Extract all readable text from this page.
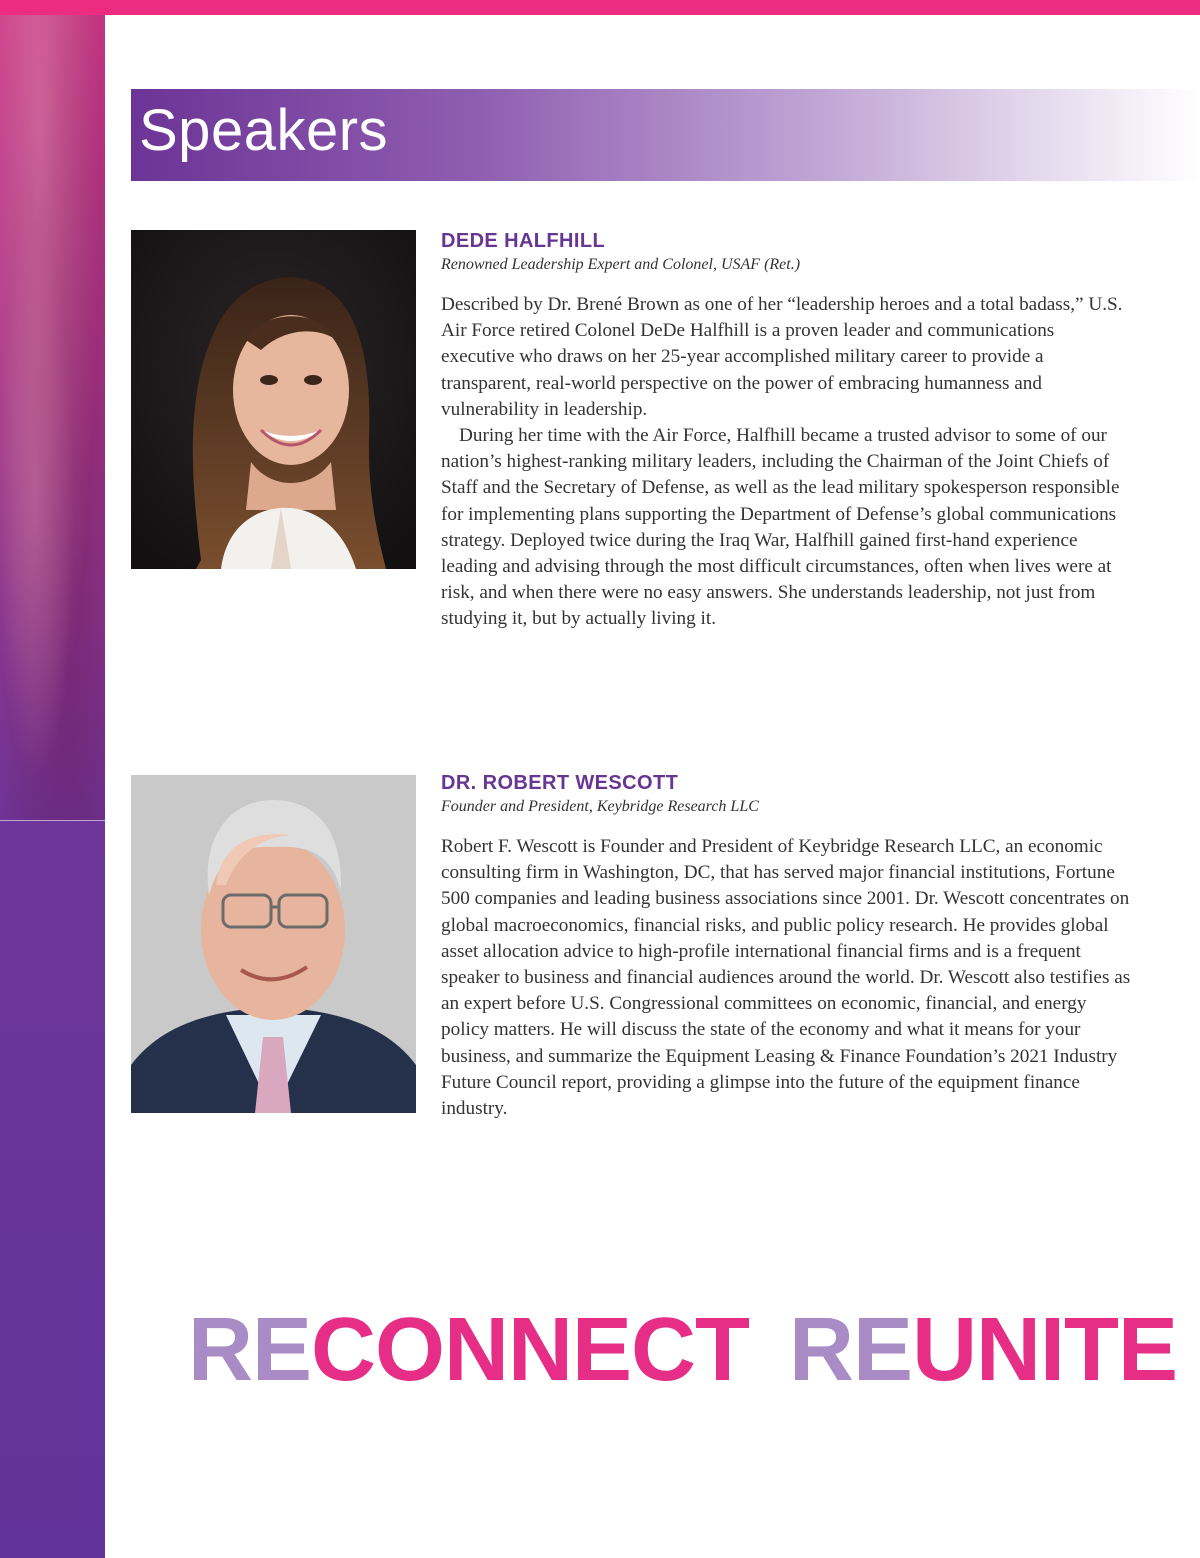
Speakers
DEDE HALFHILL

Renowned Leadership Expert and Colonel, USAF (Ret.)

Described by Dr. Brené Brown as one of her “leadership heroes and a total badass,” U.S. Air Force retired Colonel DeDe Halfhill is a proven leader and communications executive who draws on her 25-year accomplished military career to provide a transparent, real-world perspective on the power of embracing humanness and vulnerability in leadership.

During her time with the Air Force, Halfhill became a trusted advisor to some of our nation’s highest-ranking military leaders, including the Chairman of the Joint Chiefs of Staff and the Secretary of Defense, as well as the lead military spokesperson responsible for implementing plans supporting the Department of Defense’s global communications strategy. Deployed twice during the Iraq War, Halfhill gained first-hand experience leading and advising through the most difficult circumstances, often when lives were at risk, and when there were no easy answers. She understands leadership, not just from studying it, but by actually living it.

DR. ROBERT WESCOTT

Founder and President, Keybridge Research LLC

Robert F. Wescott is Founder and President of Keybridge Research LLC, an economic consulting firm in Washington, DC, that has served major financial institutions, Fortune 500 companies and leading business associations since 2001. Dr. Wescott concentrates on global macroeconomics, financial risks, and public policy research. He provides global asset allocation advice to high-profile international financial firms and is a frequent speaker to business and financial audiences around the world. Dr. Wescott also testifies as an expert before U.S. Congressional committees on economic, financial, and energy policy matters. He will discuss the state of the economy and what it means for your business, and summarize the Equipment Leasing & Finance Foundation’s 2021 Industry Future Council report, providing a glimpse into the future of the equipment finance industry.

RECONNECT REUNITE
